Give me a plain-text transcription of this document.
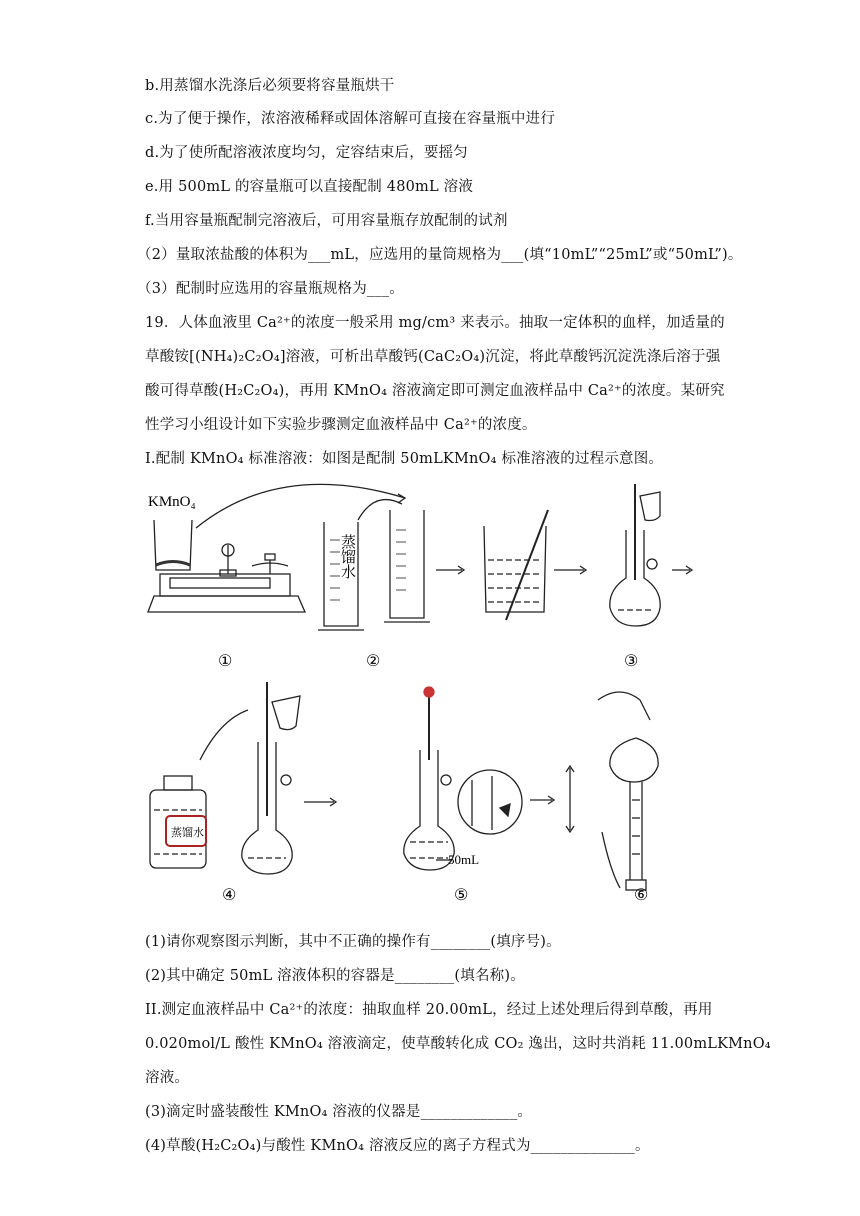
b.用蒸馏水洗涤后必须要将容量瓶烘干
c.为了便于操作，浓溶液稀释或固体溶解可直接在容量瓶中进行
d.为了使所配溶液浓度均匀，定容结束后，要摇匀
e.用 500mL 的容量瓶可以直接配制 480mL 溶液
f.当用容量瓶配制完溶液后，可用容量瓶存放配制的试剂
（2）量取浓盐酸的体积为___mL，应选用的量筒规格为___(填“10mL”“25mL”或“50mL”)。
（3）配制时应选用的容量瓶规格为___。
19．人体血液里 Ca²⁺的浓度一般采用 mg/cm³ 来表示。抽取一定体积的血样，加适量的
草酸铵[(NH₄)₂C₂O₄]溶液，可析出草酸钙(CaC₂O₄)沉淀，将此草酸钙沉淀洗涤后溶于强
酸可得草酸(H₂C₂O₄)，再用 KMnO₄ 溶液滴定即可测定血液样品中 Ca²⁺的浓度。某研究
性学习小组设计如下实验步骤测定血液样品中 Ca²⁺的浓度。
I.配制 KMnO₄ 标准溶液：如图是配制 50mLKMnO₄ 标准溶液的过程示意图。
KMnO₄
蒸馏水
蒸馏水
50mL
①	②	③
④	⑤	⑥
(1)请你观察图示判断，其中不正确的操作有________(填序号)。
(2)其中确定 50mL 溶液体积的容器是________(填名称)。
II.测定血液样品中 Ca²⁺的浓度：抽取血样 20.00mL，经过上述处理后得到草酸，再用
0.020mol/L 酸性 KMnO₄ 溶液滴定，使草酸转化成 CO₂ 逸出，这时共消耗 11.00mLKMnO₄
溶液。
(3)滴定时盛装酸性 KMnO₄ 溶液的仪器是_____________。
(4)草酸(H₂C₂O₄)与酸性 KMnO₄ 溶液反应的离子方程式为______________。
